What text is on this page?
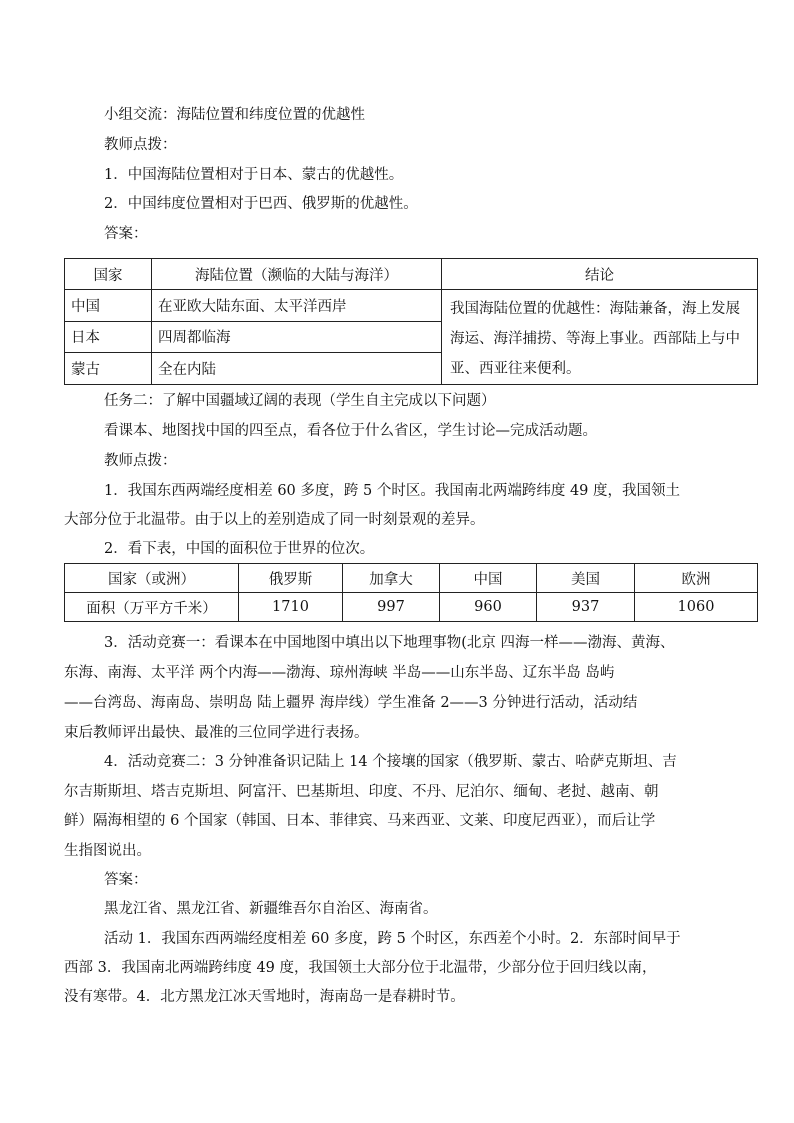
小组交流：海陆位置和纬度位置的优越性
教师点拨：
1．中国海陆位置相对于日本、蒙古的优越性。
2．中国纬度位置相对于巴西、俄罗斯的优越性。
答案：
国家	海陆位置（濒临的大陆与海洋）	结论
中国	在亚欧大陆东面、太平洋西岸	我国海陆位置的优越性：海陆兼备，海上发展海运、海洋捕捞、等海上事业。西部陆上与中亚、西亚往来便利。
日本	四周都临海	
蒙古	全在内陆	
任务二：了解中国疆域辽阔的表现（学生自主完成以下问题）
看课本、地图找中国的四至点，看各位于什么省区，学生讨论—完成活动题。
教师点拨：
1．我国东西两端经度相差 60 多度，跨 5 个时区。我国南北两端跨纬度 49 度，我国领土
大部分位于北温带。由于以上的差别造成了同一时刻景观的差异。
2．看下表，中国的面积位于世界的位次。
国家（或洲）	俄罗斯	加拿大	中国	美国	欧洲
面积（万平方千米）	1710	997	960	937	1060
3．活动竞赛一：看课本在中国地图中填出以下地理事物(北京 四海一样——渤海、黄海、
东海、南海、太平洋 两个内海——渤海、琼州海峡 半岛——山东半岛、辽东半岛 岛屿
——台湾岛、海南岛、崇明岛 陆上疆界 海岸线）学生准备 2——3 分钟进行活动，活动结
束后教师评出最快、最准的三位同学进行表扬。
4．活动竞赛二：3 分钟准备识记陆上 14 个接壤的国家（俄罗斯、蒙古、哈萨克斯坦、吉
尔吉斯斯坦、塔吉克斯坦、阿富汗、巴基斯坦、印度、不丹、尼泊尔、缅甸、老挝、越南、朝
鲜）隔海相望的 6 个国家（韩国、日本、菲律宾、马来西亚、文莱、印度尼西亚），而后让学
生指图说出。
答案：
黑龙江省、黑龙江省、新疆维吾尔自治区、海南省。
活动 1．我国东西两端经度相差 60 多度，跨 5 个时区，东西差个小时。2．东部时间早于
西部 3．我国南北两端跨纬度 49 度，我国领土大部分位于北温带，少部分位于回归线以南，
没有寒带。4．北方黑龙江冰天雪地时，海南岛一是春耕时节。
